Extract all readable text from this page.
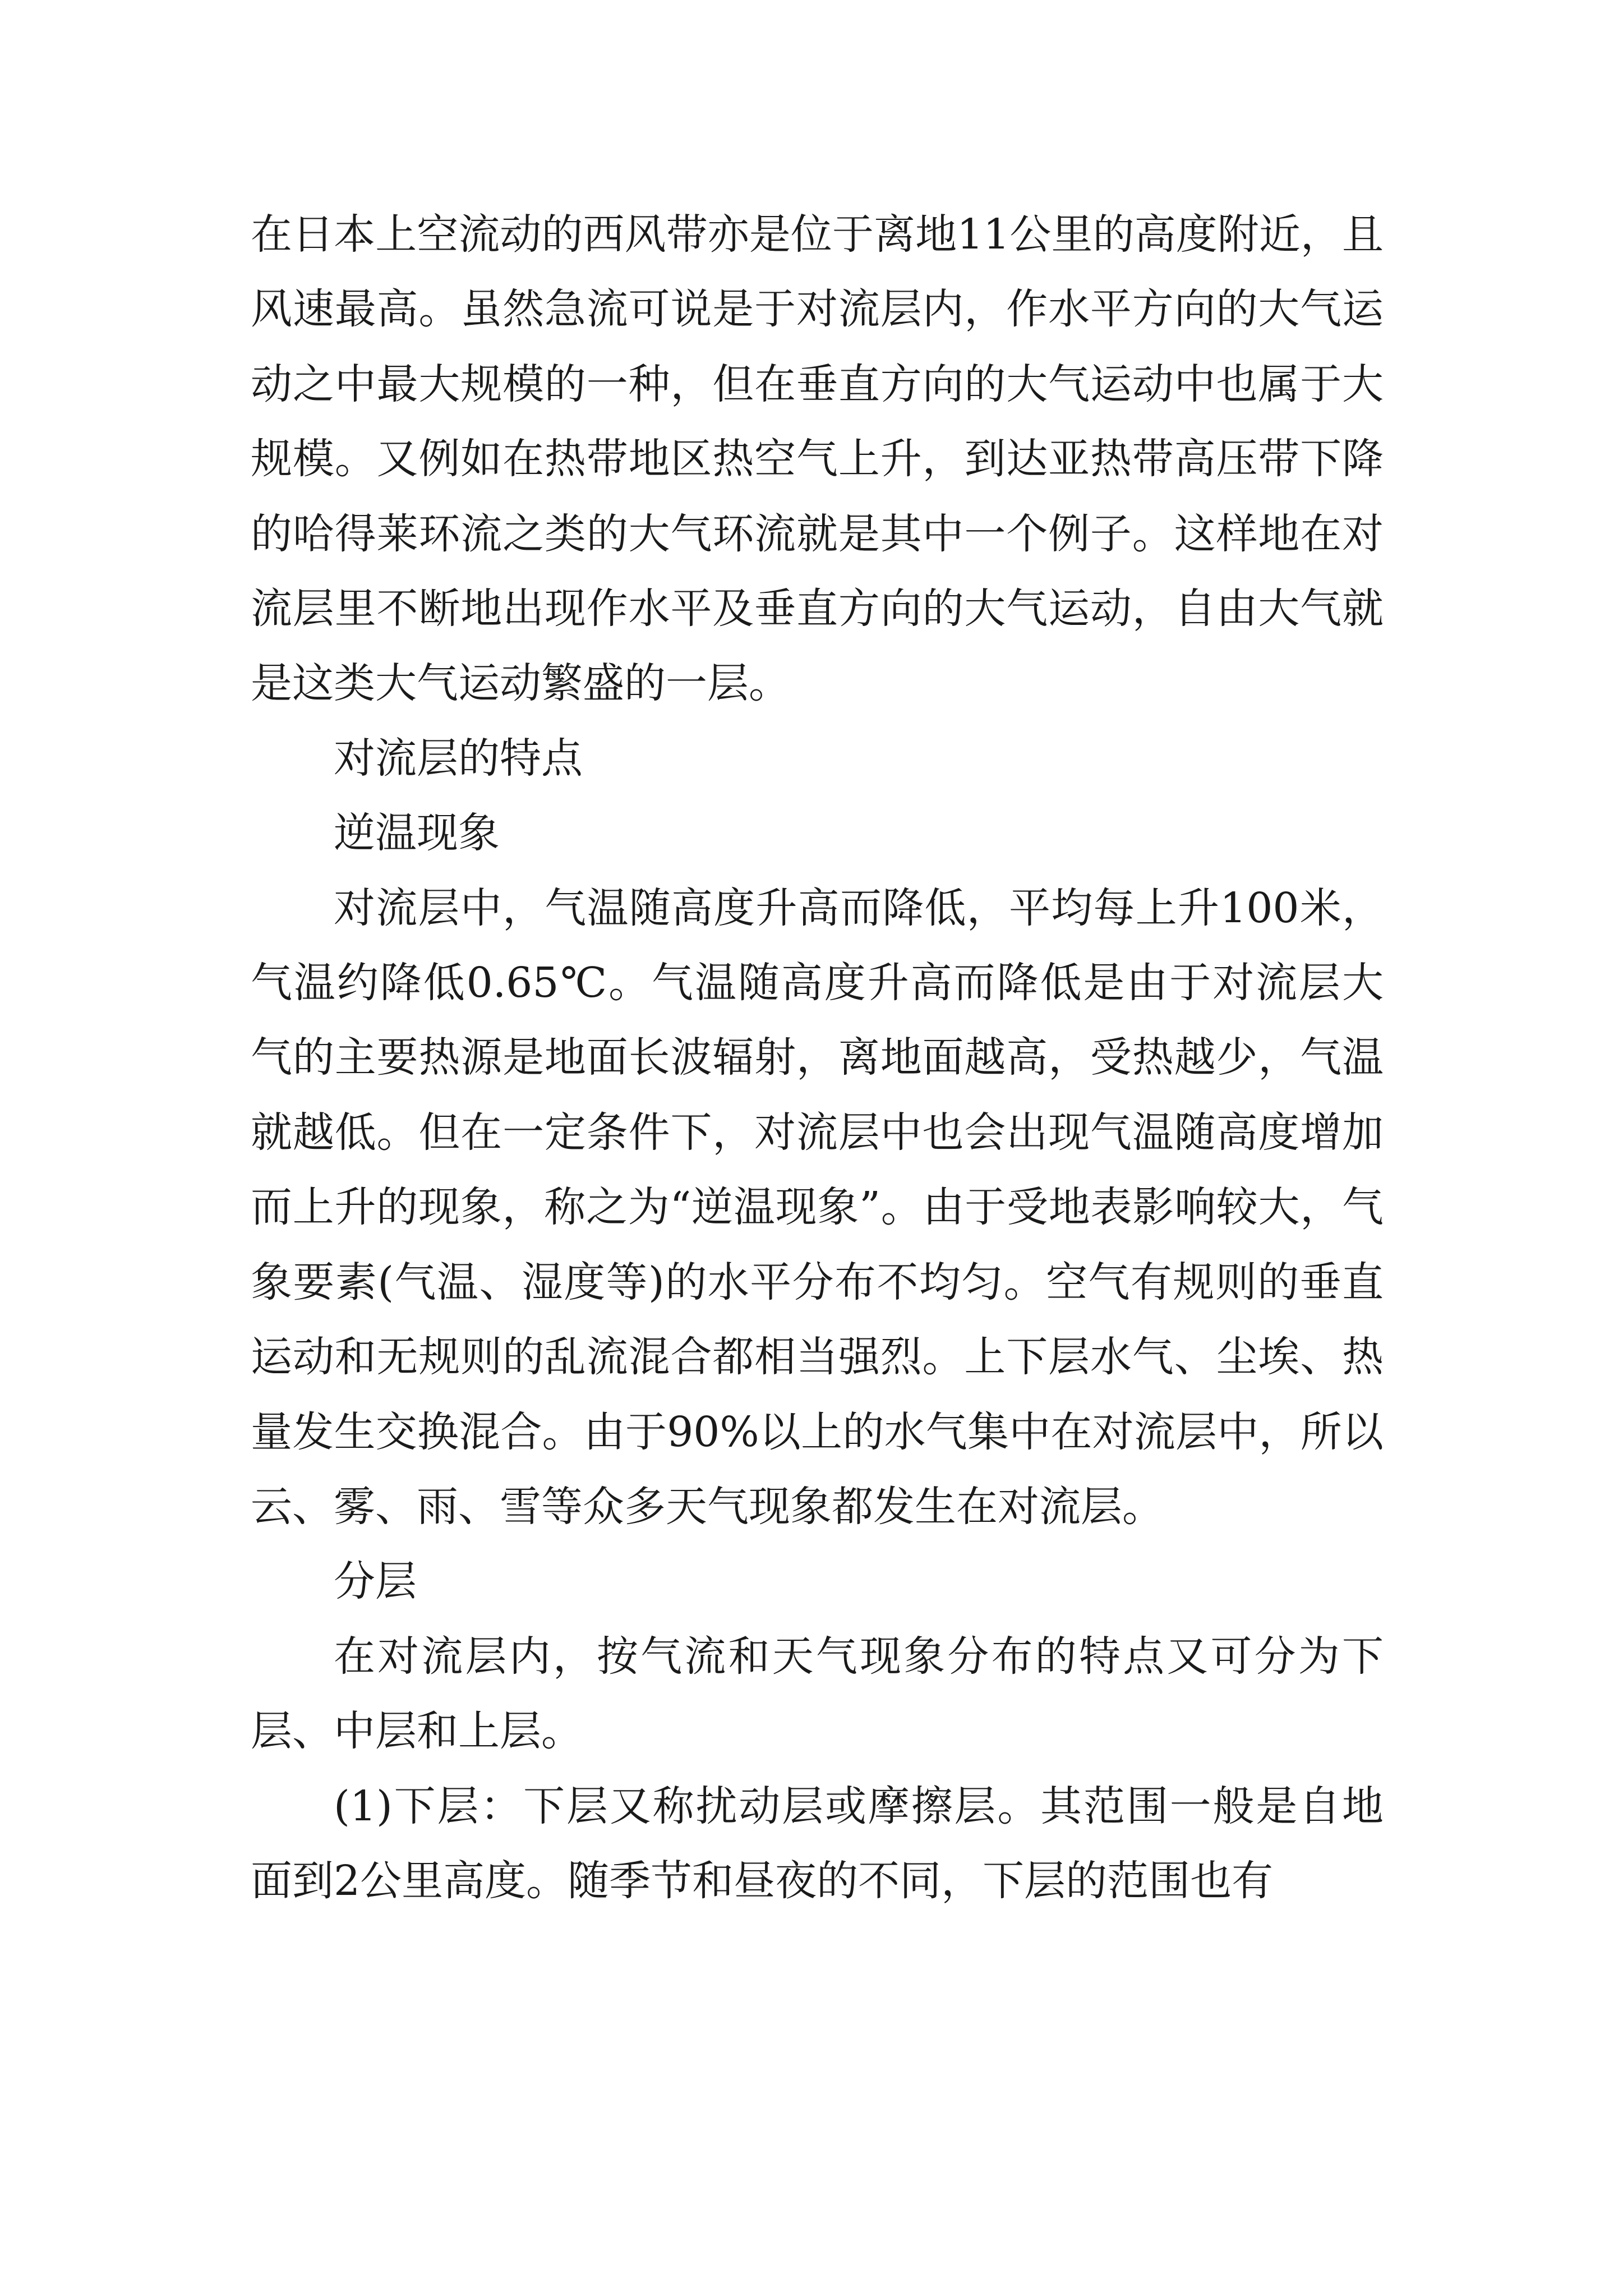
在日本上空流动的西风带亦是位于离地11公里的高度附近，且风速最高。虽然急流可说是于对流层内，作水平方向的大气运动之中最大规模的一种，但在垂直方向的大气运动中也属于大规模。又例如在热带地区热空气上升，到达亚热带高压带下降的哈得莱环流之类的大气环流就是其中一个例子。这样地在对流层里不断地出现作水平及垂直方向的大气运动，自由大气就是这类大气运动繁盛的一层。

对流层的特点

逆温现象

对流层中，气温随高度升高而降低，平均每上升100米，气温约降低0.65℃。气温随高度升高而降低是由于对流层大气的主要热源是地面长波辐射，离地面越高，受热越少，气温就越低。但在一定条件下，对流层中也会出现气温随高度增加而上升的现象，称之为“逆温现象”。由于受地表影响较大，气象要素(气温、湿度等)的水平分布不均匀。空气有规则的垂直运动和无规则的乱流混合都相当强烈。上下层水气、尘埃、热量发生交换混合。由于90%以上的水气集中在对流层中，所以云、雾、雨、雪等众多天气现象都发生在对流层。

分层

在对流层内，按气流和天气现象分布的特点又可分为下层、中层和上层。

(1)下层：下层又称扰动层或摩擦层。其范围一般是自地面到2公里高度。随季节和昼夜的不同，下层的范围也有
